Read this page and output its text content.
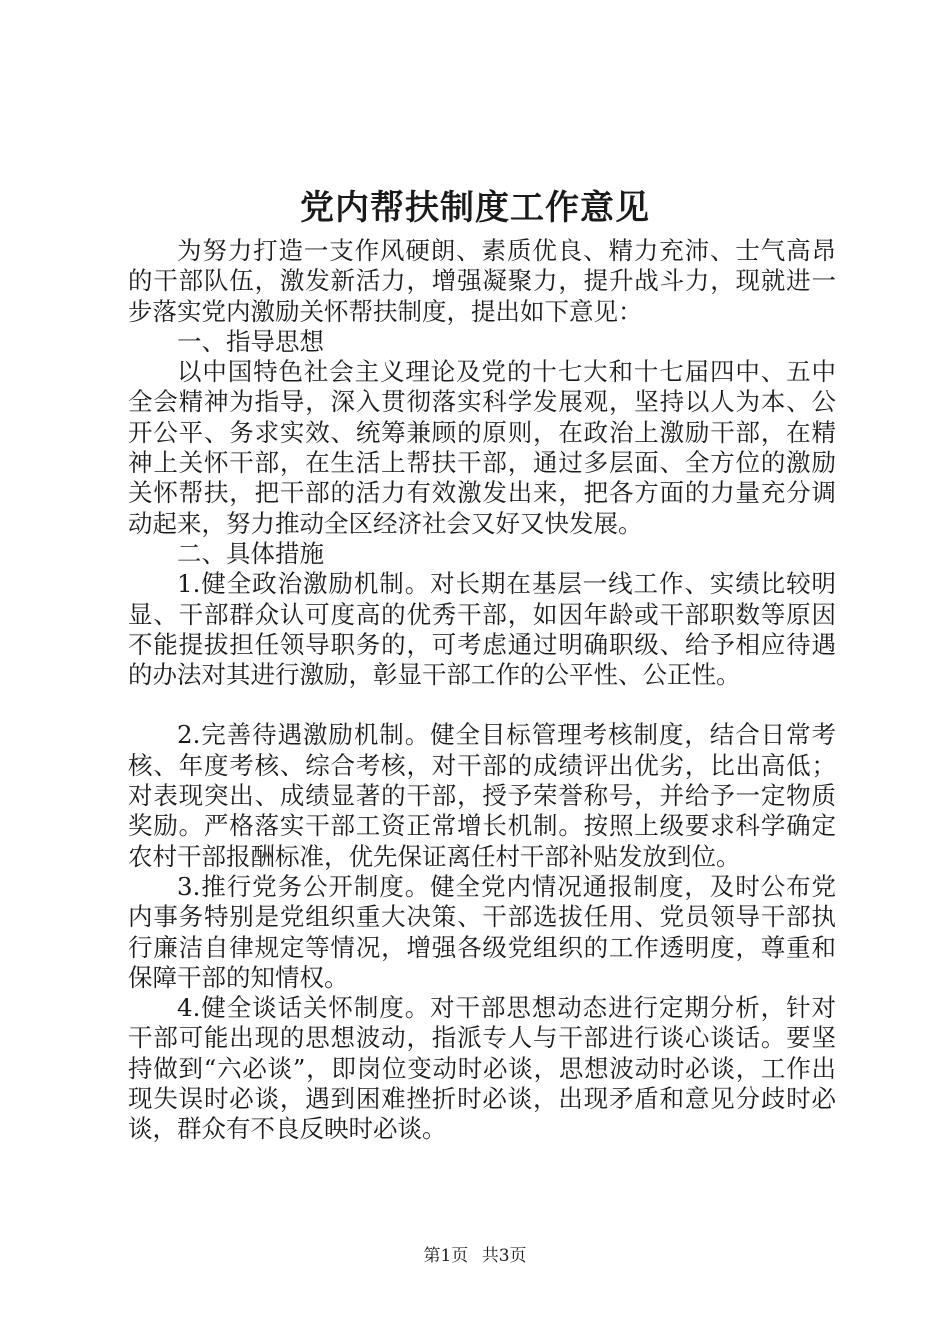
党内帮扶制度工作意见

为努力打造一支作风硬朗、素质优良、精力充沛、士气高昂的干部队伍，激发新活力，增强凝聚力，提升战斗力，现就进一步落实党内激励关怀帮扶制度，提出如下意见：

一、指导思想

以中国特色社会主义理论及党的十七大和十七届四中、五中全会精神为指导，深入贯彻落实科学发展观，坚持以人为本、公开公平、务求实效、统筹兼顾的原则，在政治上激励干部，在精神上关怀干部，在生活上帮扶干部，通过多层面、全方位的激励关怀帮扶，把干部的活力有效激发出来，把各方面的力量充分调动起来，努力推动全区经济社会又好又快发展。

二、具体措施

1.健全政治激励机制。对长期在基层一线工作、实绩比较明显、干部群众认可度高的优秀干部，如因年龄或干部职数等原因不能提拔担任领导职务的，可考虑通过明确职级、给予相应待遇的办法对其进行激励，彰显干部工作的公平性、公正性。

2.完善待遇激励机制。健全目标管理考核制度，结合日常考核、年度考核、综合考核，对干部的成绩评出优劣，比出高低；对表现突出、成绩显著的干部，授予荣誉称号，并给予一定物质奖励。严格落实干部工资正常增长机制。按照上级要求科学确定农村干部报酬标准，优先保证离任村干部补贴发放到位。

3.推行党务公开制度。健全党内情况通报制度，及时公布党内事务特别是党组织重大决策、干部选拔任用、党员领导干部执行廉洁自律规定等情况，增强各级党组织的工作透明度，尊重和保障干部的知情权。

4.健全谈话关怀制度。对干部思想动态进行定期分析，针对干部可能出现的思想波动，指派专人与干部进行谈心谈话。要坚持做到“六必谈”，即岗位变动时必谈，思想波动时必谈，工作出现失误时必谈，遇到困难挫折时必谈，出现矛盾和意见分歧时必谈，群众有不良反映时必谈。

第1页 共3页
